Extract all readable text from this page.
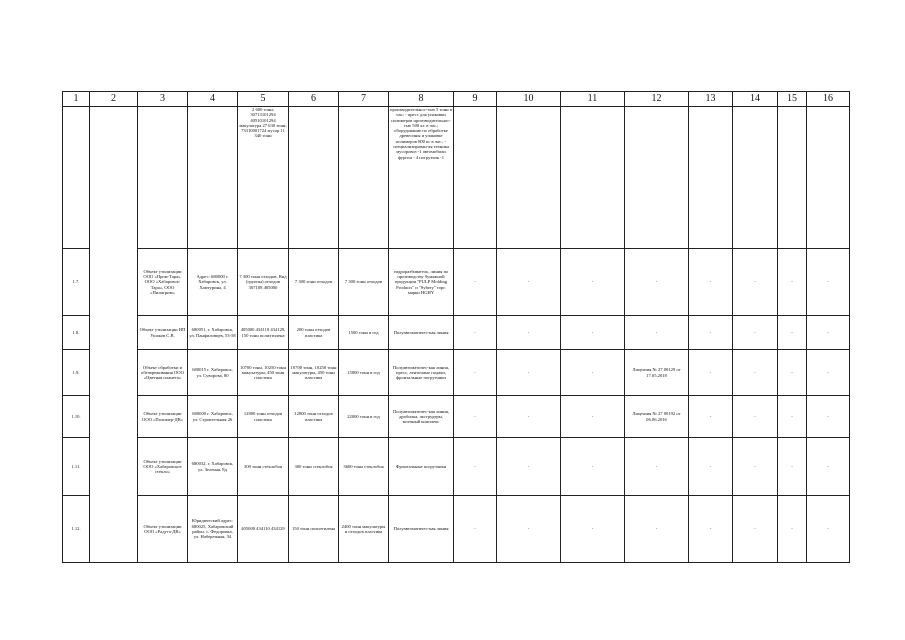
1	2	3	4	5	6	7	8	9	10	11	12	13	14	15	16
				2 600 тонн; 30713101294 40510101294 макулатура 27 630 тонн; 73310001724 мусор 11 340 тонн			производительнос-тью 5 тонн в час; - пресс для упаковки полимеров производительнос-тью 500 кг. в час.; оборудование по обработке древесины и упаковке полимеров 800 кг в час.; - специализирован-ая техника мусоровоз -1 автомобили фургон - 4 погрузчик -1								
1.7.		Объект утилизации ООО «Пром-Тара», ООО «Хабаровск-Тара», ООО «Пилигрим»	Адрес: 680000 г. Хабаровск, ул. Хамтурина, 4	7 300 тонн отходов, Вид (группы) отходов 307108 405000	7 300 тонн отходов	7 300 тонн отходов	гидроразбиватель, линия по производству бумажной продукции "PULP Molding Products" и "Sybery" торг. марки HGHY	-	-	-	-	-	-	-	-
1.8.		Объект утилизации ИП Ушаков С.В.	680051, г. Хабаровск, ул. Панфиловцев, 53-58	405000 434110 434129, 150 тонн полиэтилена	200 тонн отходов пластика	1500 тонн в год	Полуавтоматичес-кая линия	-	-	-	-	-	-	-	-
1.9.		Объект обработки и обезвреживания ООО «Цветная планета»	680015 г. Хабаровск, ул. Суворова, 80	10700 тонн, 10250 тонн макулатуры, 450 тонн пластика	10700 тонн, 10250 тонн макулатуры, 450 тонн пластика	15000 тонн в год	Полуавтоматичес-кая линия, пресс, ленточные подачи, фронтальные погрузчики	-	-	-	Лицензия № 27 00129 от 17.05.2018	-	-	-	-
1.10.		Объект утилизации ООО «Полимер-ДВ»	680000 г. Хабаровск, ул. Строительная 26	12800 тонн отходов пластика	12800 тонн отходов пластика	22000 тонн в год	Полуавтоматичес-кая линия, дробилка, экструдеры, моечный комплекс	-	-	-	Лицензия № 27 00192 от 06.06.2016	-	-	-	-
1.11.		Объект утилизации ООО «Хабаровское стекло»	680032, г. Хабаровск, ул. Зеленая, 8д	300 тонн стеклобоя	300 тонн стеклобоя	3600 тонн стеклобоя	Фронтальные погрузчики	-	-	-	-	-	-	-	-
1.12.		Объект утилизации ООО «Радуга-ДВ»	Юридический адрес: 680025, Хабаровский район, с. Федоровка, ул. Набережная, 34	405000 434110 434129	150 тонн полиэтилена	2400 тонн макулатуры и отходов пластика	Полуавтоматичес-кая линия	-	-	-	-	-	-	-	-
